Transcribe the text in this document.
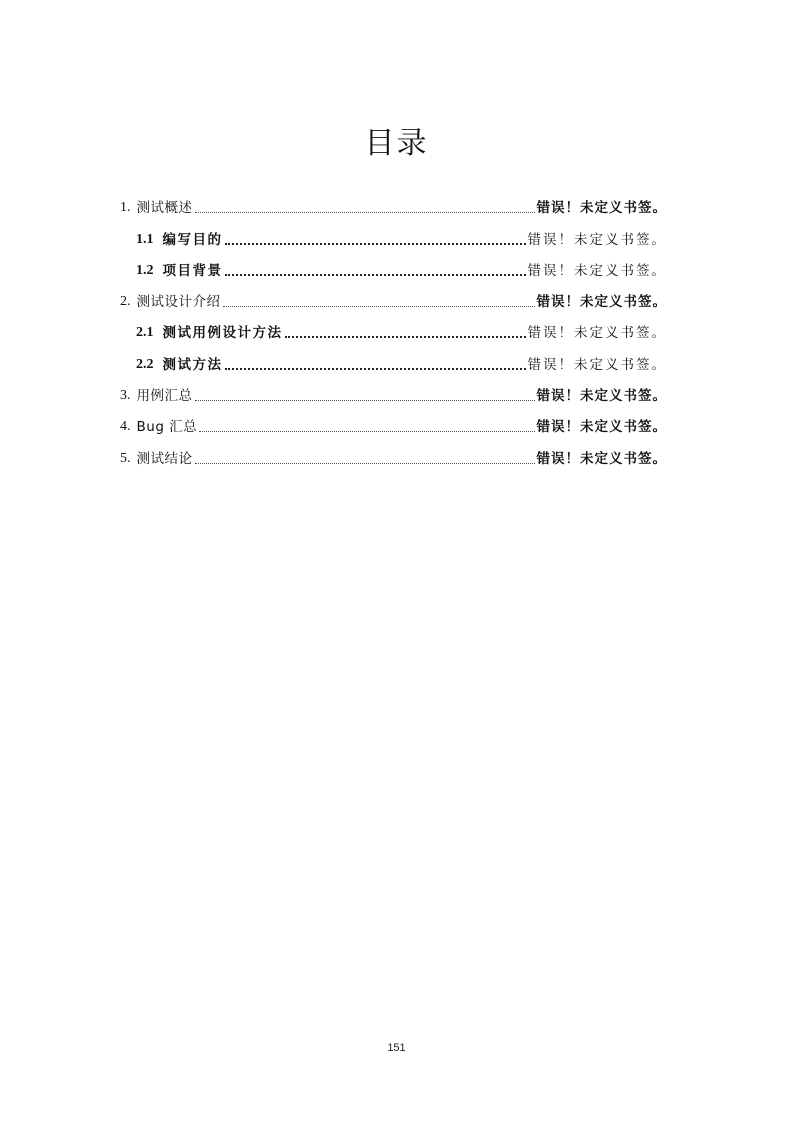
目录
1. 测试概述	错误！未定义书签。
1.1 编写目的	错误！未定义书签。
1.2 项目背景	错误！未定义书签。
2. 测试设计介绍	错误！未定义书签。
2.1 测试用例设计方法	错误！未定义书签。
2.2 测试方法	错误！未定义书签。
3. 用例汇总	错误！未定义书签。
4. Bug 汇总	错误！未定义书签。
5. 测试结论	错误！未定义书签。
151
